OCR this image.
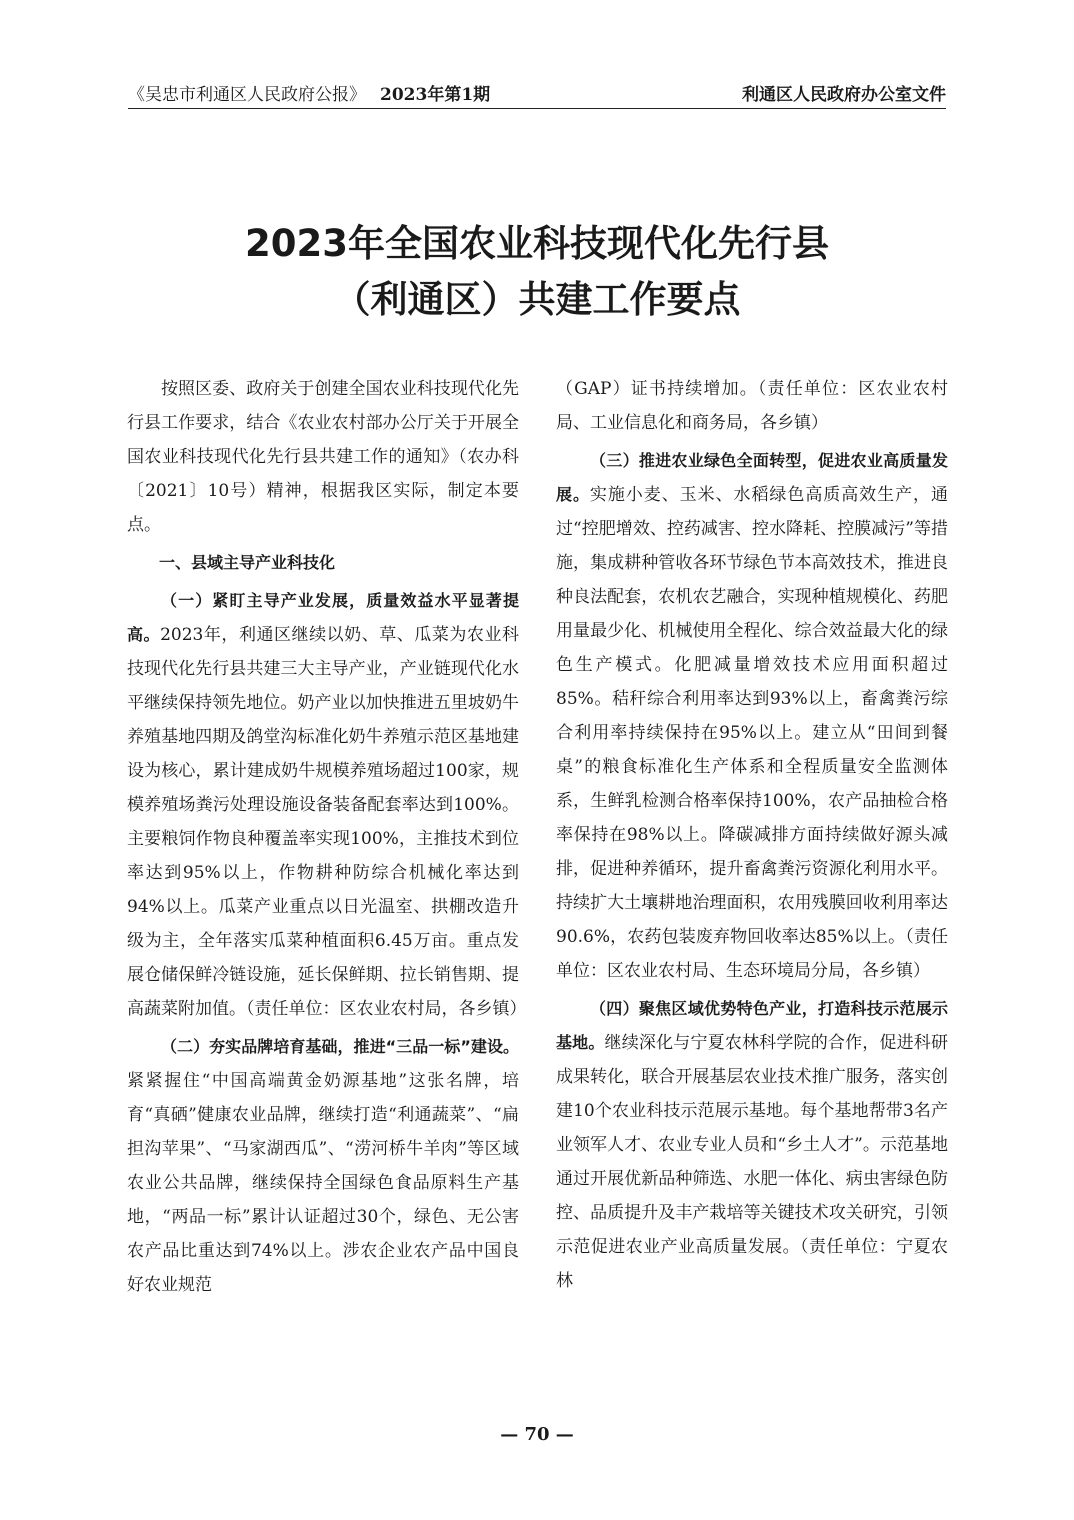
《吴忠市利通区人民政府公报》 2023年第1期	利通区人民政府办公室文件
2023年全国农业科技现代化先行县
（利通区）共建工作要点

按照区委、政府关于创建全国农业科技现代化先行县工作要求，结合《农业农村部办公厅关于开展全国农业科技现代化先行县共建工作的通知》（农办科〔2021〕10号）精神，根据我区实际，制定本要点。

一、县域主导产业科技化

（一）紧盯主导产业发展，质量效益水平显著提高。2023年，利通区继续以奶、草、瓜菜为农业科技现代化先行县共建三大主导产业，产业链现代化水平继续保持领先地位。奶产业以加快推进五里坡奶牛养殖基地四期及鸽堂沟标准化奶牛养殖示范区基地建设为核心，累计建成奶牛规模养殖场超过100家，规模养殖场粪污处理设施设备装备配套率达到100%。主要粮饲作物良种覆盖率实现100%，主推技术到位率达到95%以上，作物耕种防综合机械化率达到94%以上。瓜菜产业重点以日光温室、拱棚改造升级为主，全年落实瓜菜种植面积6.45万亩。重点发展仓储保鲜冷链设施，延长保鲜期、拉长销售期、提高蔬菜附加值。（责任单位：区农业农村局，各乡镇）

（二）夯实品牌培育基础，推进“三品一标”建设。紧紧握住“中国高端黄金奶源基地”这张名牌，培育“真硒”健康农业品牌，继续打造“利通蔬菜”、“扁担沟苹果”、“马家湖西瓜”、“涝河桥牛羊肉”等区域农业公共品牌，继续保持全国绿色食品原料生产基地，“两品一标”累计认证超过30个，绿色、无公害农产品比重达到74%以上。涉农企业农产品中国良好农业规范

（GAP）证书持续增加。（责任单位：区农业农村局、工业信息化和商务局，各乡镇）

（三）推进农业绿色全面转型，促进农业高质量发展。实施小麦、玉米、水稻绿色高质高效生产，通过“控肥增效、控药减害、控水降耗、控膜减污”等措施，集成耕种管收各环节绿色节本高效技术，推进良种良法配套，农机农艺融合，实现种植规模化、药肥用量最少化、机械使用全程化、综合效益最大化的绿色生产模式。化肥减量增效技术应用面积超过85%。秸秆综合利用率达到93%以上，畜禽粪污综合利用率持续保持在95%以上。建立从“田间到餐桌”的粮食标准化生产体系和全程质量安全监测体系，生鲜乳检测合格率保持100%，农产品抽检合格率保持在98%以上。降碳减排方面持续做好源头减排，促进种养循环，提升畜禽粪污资源化利用水平。持续扩大土壤耕地治理面积，农用残膜回收利用率达90.6%，农药包装废弃物回收率达85%以上。（责任单位：区农业农村局、生态环境局分局，各乡镇）

（四）聚焦区域优势特色产业，打造科技示范展示基地。继续深化与宁夏农林科学院的合作，促进科研成果转化，联合开展基层农业技术推广服务，落实创建10个农业科技示范展示基地。每个基地帮带3名产业领军人才、农业专业人员和“乡土人才”。示范基地通过开展优新品种筛选、水肥一体化、病虫害绿色防控、品质提升及丰产栽培等关键技术攻关研究，引领示范促进农业产业高质量发展。（责任单位：宁夏农林

— 70 —
